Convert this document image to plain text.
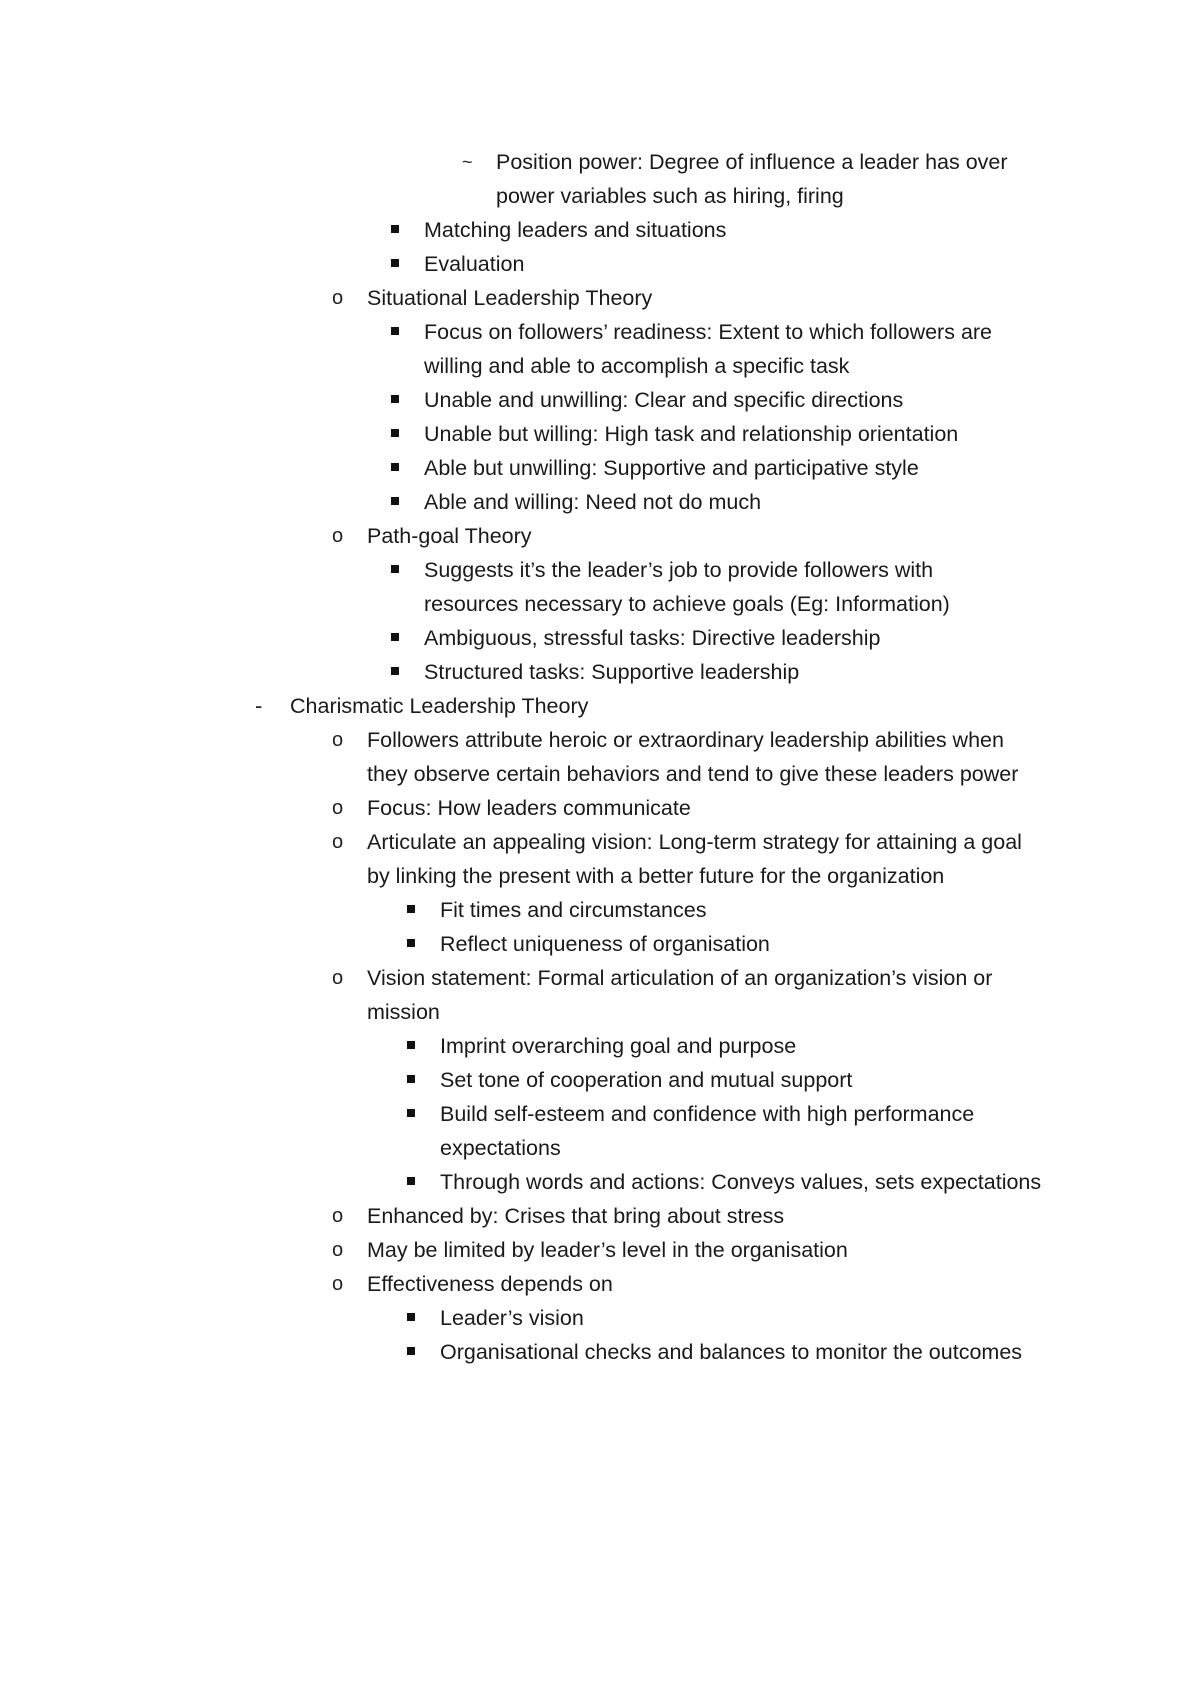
~ Position power: Degree of influence a leader has over
power variables such as hiring, firing
Matching leaders and situations
Evaluation
o Situational Leadership Theory
Focus on followers’ readiness: Extent to which followers are
willing and able to accomplish a specific task
Unable and unwilling: Clear and specific directions
Unable but willing: High task and relationship orientation
Able but unwilling: Supportive and participative style
Able and willing: Need not do much
o Path-goal Theory
Suggests it’s the leader’s job to provide followers with
resources necessary to achieve goals (Eg: Information)
Ambiguous, stressful tasks: Directive leadership
Structured tasks: Supportive leadership
- Charismatic Leadership Theory
o Followers attribute heroic or extraordinary leadership abilities when
they observe certain behaviors and tend to give these leaders power
o Focus: How leaders communicate
o Articulate an appealing vision: Long-term strategy for attaining a goal
by linking the present with a better future for the organization
Fit times and circumstances
Reflect uniqueness of organisation
o Vision statement: Formal articulation of an organization’s vision or
mission
Imprint overarching goal and purpose
Set tone of cooperation and mutual support
Build self-esteem and confidence with high performance
expectations
Through words and actions: Conveys values, sets expectations
o Enhanced by: Crises that bring about stress
o May be limited by leader’s level in the organisation
o Effectiveness depends on
Leader’s vision
Organisational checks and balances to monitor the outcomes
